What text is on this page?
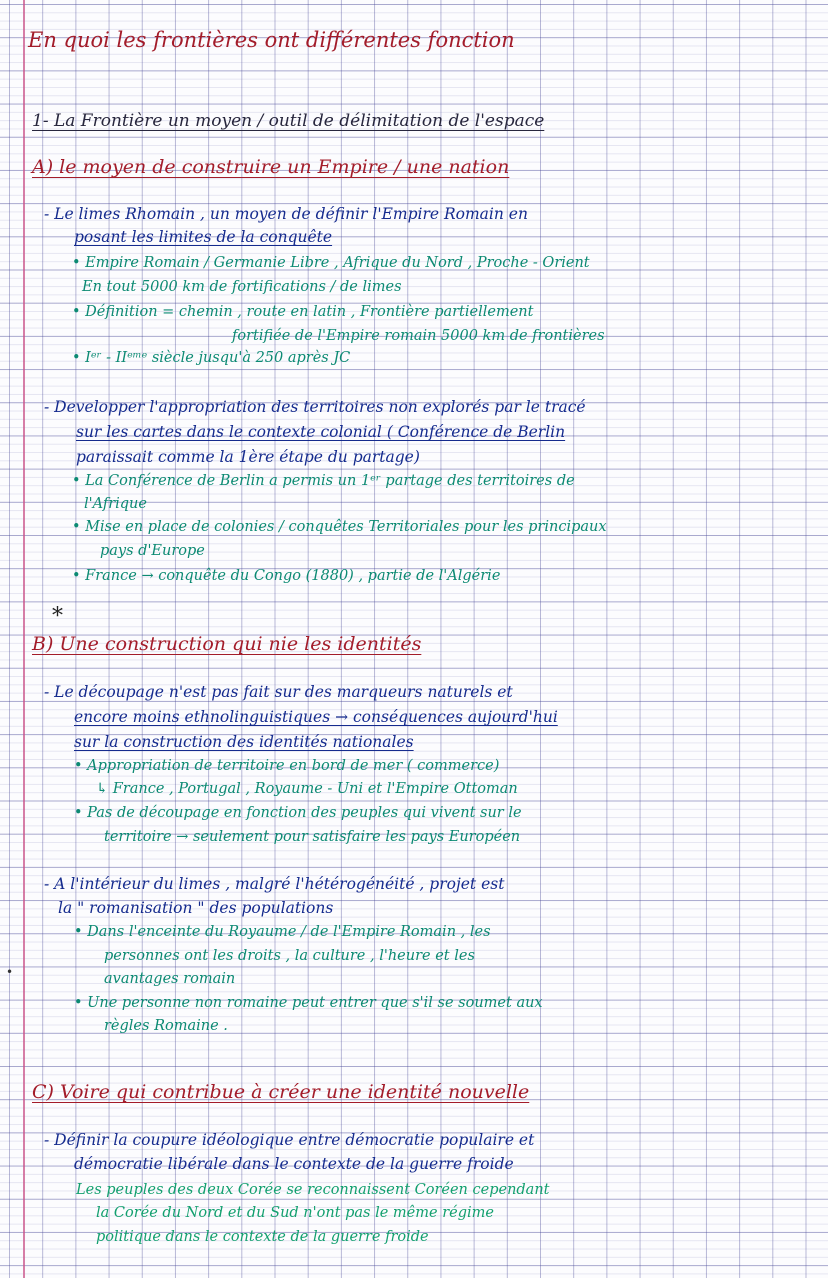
En quoi les frontières ont différentes fonction
1- La Frontière un moyen / outil de délimitation de l'espace
A) le moyen de construire un Empire / une nation
- Le limes Rhomain , un moyen de définir l'Empire Romain en
posant les limites de la conquête
• Empire Romain / Germanie Libre , Afrique du Nord , Proche - Orient
En tout 5000 km de fortifications / de limes
• Définition = chemin , route en latin , Frontière partiellement
fortifiée de l'Empire romain 5000 km de frontières
• Iᵉʳ - IIᵉᵐᵉ siècle jusqu'à 250 après JC
- Developper l'appropriation des territoires non explorés par le tracé
sur les cartes dans le contexte colonial ( Conférence de Berlin
paraissait comme la 1ère étape du partage)
• La Conférence de Berlin a permis un 1ᵉʳ partage des territoires de
l'Afrique
• Mise en place de colonies / conquêtes Territoriales pour les principaux
pays d'Europe
• France → conquête du Congo (1880) , partie de l'Algérie
*
B) Une construction qui nie les identités
- Le découpage n'est pas fait sur des marqueurs naturels et
encore moins ethnolinguistiques → conséquences aujourd'hui
sur la construction des identités nationales
• Appropriation de territoire en bord de mer ( commerce)
↳ France , Portugal , Royaume - Uni et l'Empire Ottoman
• Pas de découpage en fonction des peuples qui vivent sur le
territoire → seulement pour satisfaire les pays Européen
- A l'intérieur du limes , malgré l'hétérogénéité , projet est
la " romanisation " des populations
• Dans l'enceinte du Royaume / de l'Empire Romain , les
personnes ont les droits , la culture , l'heure et les
avantages romain
• Une personne non romaine peut entrer que s'il se soumet aux
règles Romaine .
•
C) Voire qui contribue à créer une identité nouvelle
- Définir la coupure idéologique entre démocratie populaire et
démocratie libérale dans le contexte de la guerre froide
Les peuples des deux Corée se reconnaissent Coréen cependant
la Corée du Nord et du Sud n'ont pas le même régime
politique dans le contexte de la guerre froide
